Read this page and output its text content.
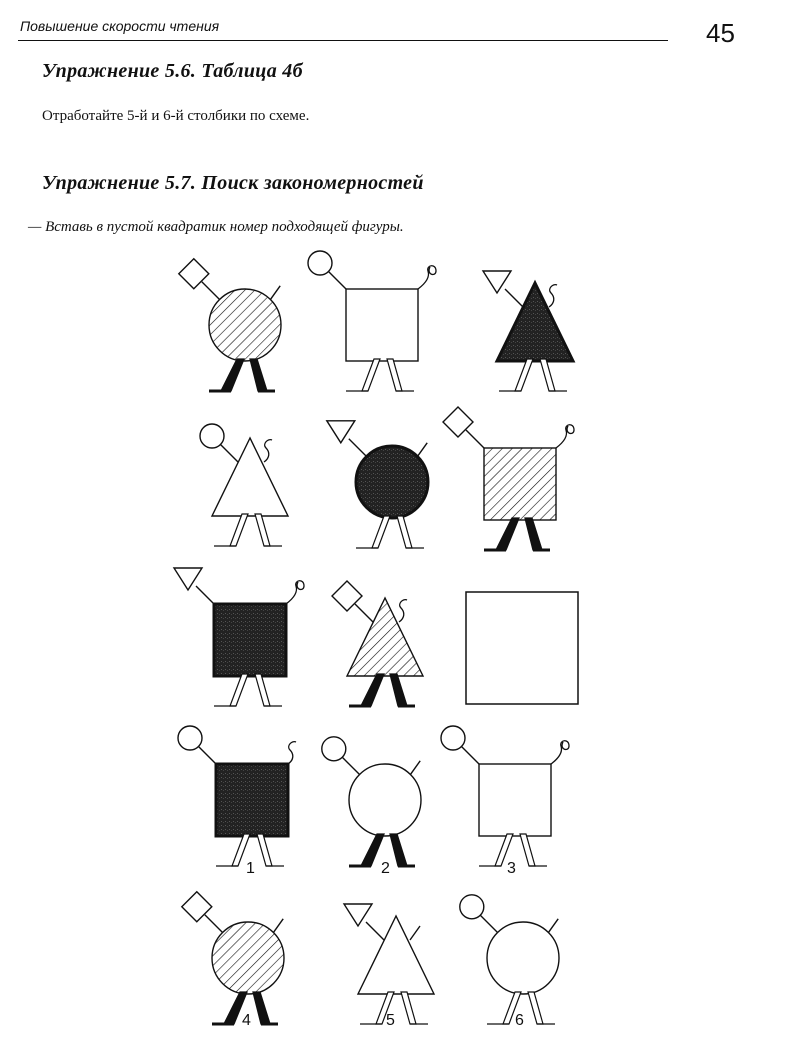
Повышение скорости чтения	45
Упражнение 5.6. Таблица 4б
Отработайте 5-й и 6-й столбики по схеме.
Упражнение 5.7. Поиск закономерностей
— Вставь в пустой квадратик номер подходящей фигуры.
1	2	3
4	5	6
